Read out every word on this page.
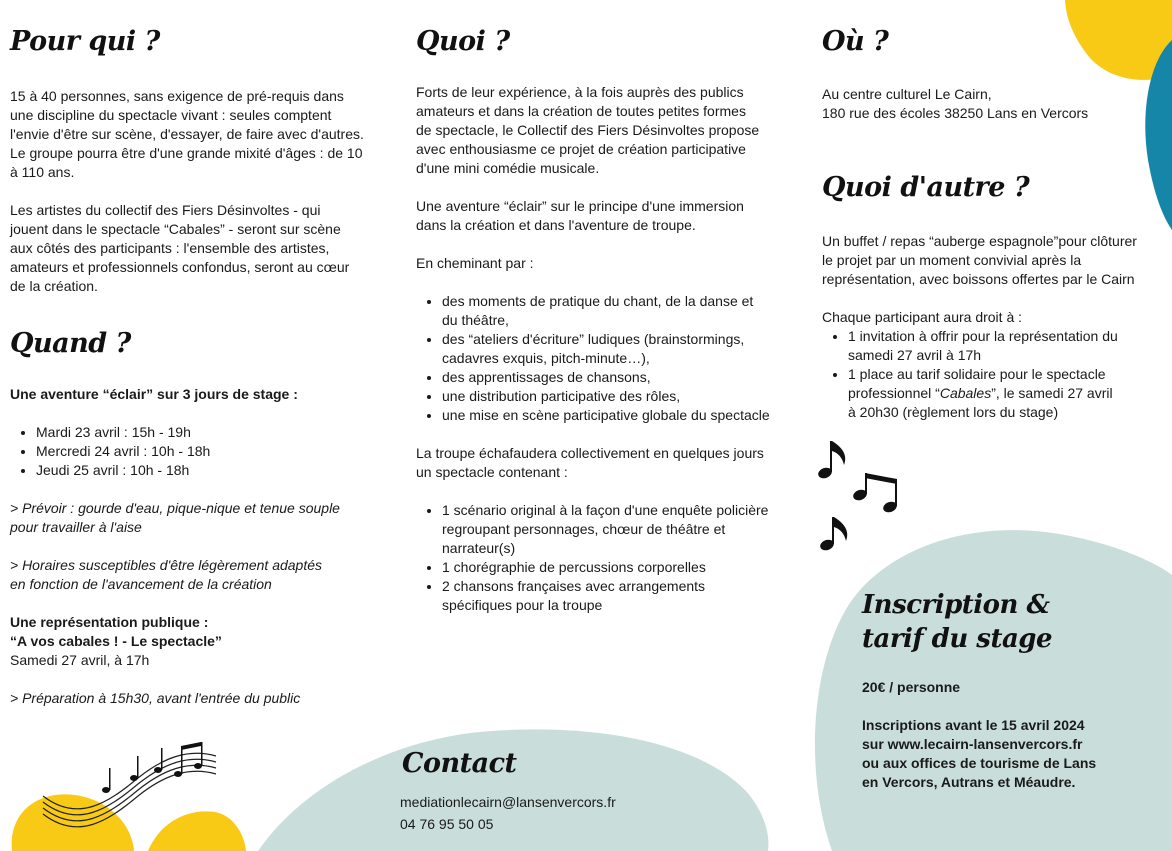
Pour qui ?
15 à 40 personnes, sans exigence de pré-requis dans
une discipline du spectacle vivant : seules comptent
l'envie d'être sur scène, d'essayer, de faire avec d'autres.
Le groupe pourra être d'une grande mixité d'âges : de 10
à 110 ans.
Les artistes du collectif des Fiers Désinvoltes - qui
jouent dans le spectacle “Cabales” - seront sur scène
aux côtés des participants : l'ensemble des artistes,
amateurs et professionnels confondus, seront au cœur
de la création.
Quand ?
Une aventure “éclair” sur 3 jours de stage :
• Mardi 23 avril : 15h - 19h
• Mercredi 24 avril : 10h - 18h
• Jeudi 25 avril : 10h - 18h
> Prévoir : gourde d'eau, pique-nique et tenue souple
pour travailler à l'aise
> Horaires susceptibles d'être légèrement adaptés
en fonction de l'avancement de la création
Une représentation publique :
“A vos cabales ! - Le spectacle”
Samedi 27 avril, à 17h
> Préparation à 15h30, avant l'entrée du public
Quoi ?
Forts de leur expérience, à la fois auprès des publics
amateurs et dans la création de toutes petites formes
de spectacle, le Collectif des Fiers Désinvoltes propose
avec enthousiasme ce projet de création participative
d'une mini comédie musicale.
Une aventure “éclair” sur le principe d'une immersion
dans la création et dans l'aventure de troupe.
En cheminant par :
• des moments de pratique du chant, de la danse et
du théâtre,
• des “ateliers d'écriture” ludiques (brainstormings,
cadavres exquis, pitch-minute…),
• des apprentissages de chansons,
• une distribution participative des rôles,
• une mise en scène participative globale du spectacle
La troupe échafaudera collectivement en quelques jours
un spectacle contenant :
• 1 scénario original à la façon d'une enquête policière
regroupant personnages, chœur de théâtre et
narrateur(s)
• 1 chorégraphie de percussions corporelles
• 2 chansons françaises avec arrangements
spécifiques pour la troupe
Contact
mediationlecairn@lansenvercors.fr
04 76 95 50 05
Où ?
Au centre culturel Le Cairn,
180 rue des écoles 38250 Lans en Vercors
Quoi d'autre ?
Un buffet / repas “auberge espagnole”pour clôturer
le projet par un moment convivial après la
représentation, avec boissons offertes par le Cairn
Chaque participant aura droit à :
• 1 invitation à offrir pour la représentation du
samedi 27 avril à 17h
• 1 place au tarif solidaire pour le spectacle
professionnel “Cabales”, le samedi 27 avril
à 20h30 (règlement lors du stage)
Inscription &
tarif du stage
20€ / personne
Inscriptions avant le 15 avril 2024
sur www.lecairn-lansenvercors.fr
ou aux offices de tourisme de Lans
en Vercors, Autrans et Méaudre.
